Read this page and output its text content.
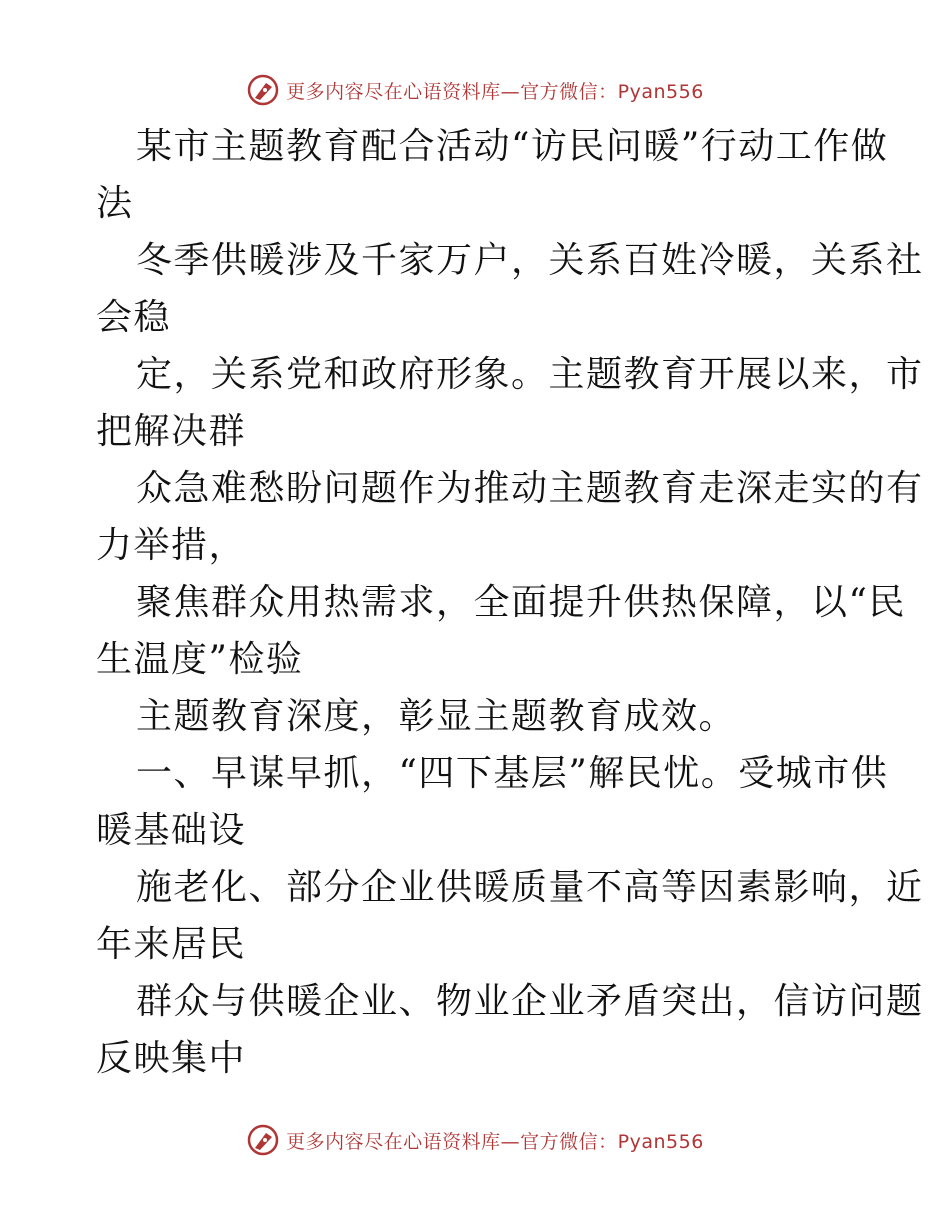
更多内容尽在心语资料库—官方微信：Pyan556

某市主题教育配合活动“访民问暖”行动工作做

法

冬季供暖涉及千家万户，关系百姓冷暖，关系社

会稳

定，关系党和政府形象。主题教育开展以来，市

把解决群

众急难愁盼问题作为推动主题教育走深走实的有

力举措，

聚焦群众用热需求，全面提升供热保障，以“民

生温度”检验

主题教育深度，彰显主题教育成效。

一、早谋早抓，“四下基层”解民忧。受城市供

暖基础设

施老化、部分企业供暖质量不高等因素影响，近

年来居民

群众与供暖企业、物业企业矛盾突出，信访问题

反映集中

更多内容尽在心语资料库—官方微信：Pyan556
